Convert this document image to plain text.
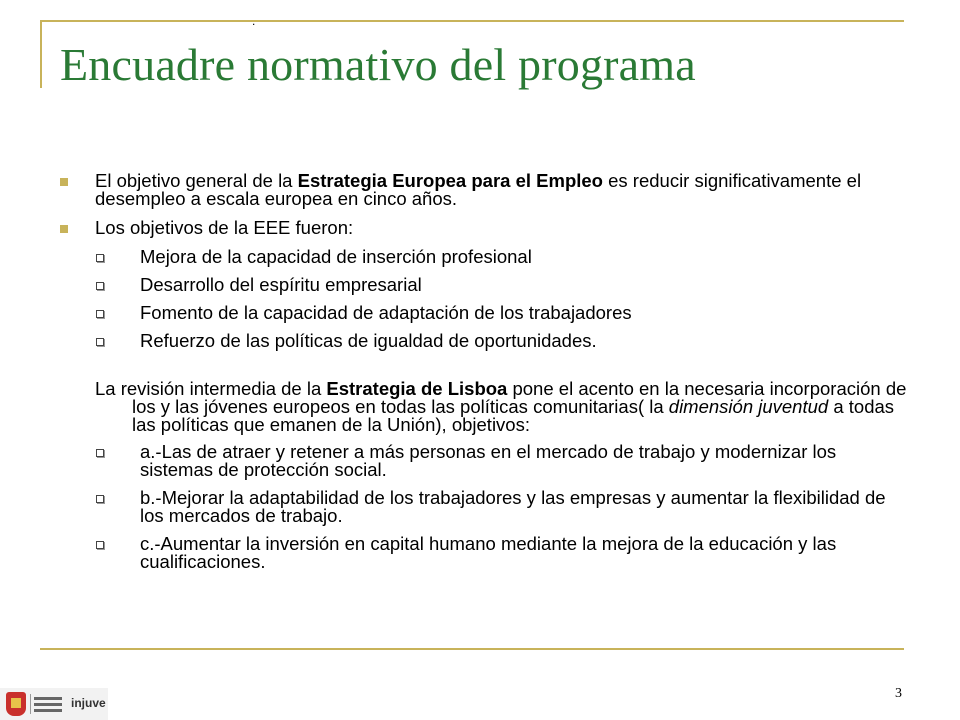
.
Encuadre normativo del programa
El objetivo general de la Estrategia Europea para el Empleo es reducir significativamente el desempleo a escala europea en cinco años.
Los objetivos de la EEE fueron:
Mejora de la capacidad de inserción profesional
Desarrollo del espíritu empresarial
Fomento de la capacidad de adaptación de los trabajadores
Refuerzo de las políticas de igualdad de oportunidades.

La revisión intermedia de la Estrategia de Lisboa pone el acento en la necesaria incorporación de los y las jóvenes europeos en todas las políticas comunitarias( la dimensión juventud a todas las políticas que emanen de la Unión), objetivos:

a.-Las de atraer y retener a más personas en el mercado de trabajo y modernizar los sistemas de protección social.
b.-Mejorar la adaptabilidad de los trabajadores y las empresas y aumentar la flexibilidad de los mercados de trabajo.
c.-Aumentar la inversión en capital humano mediante la mejora de la educación y las cualificaciones.
3
injuve
